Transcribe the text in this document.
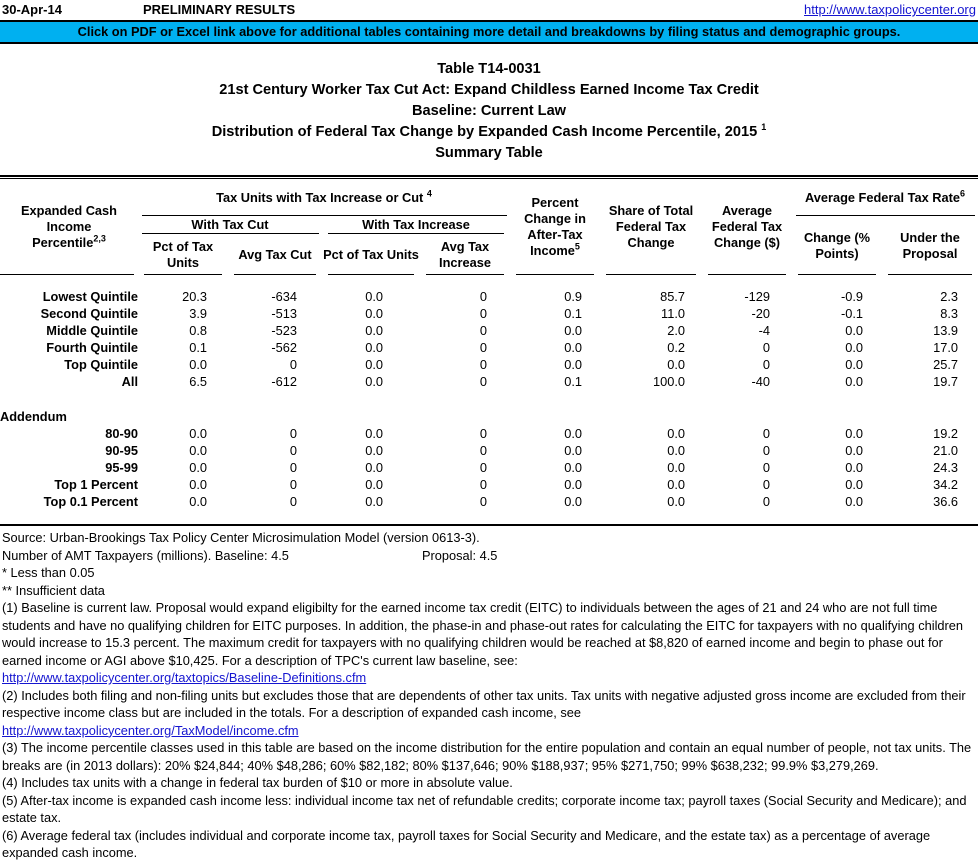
30-Apr-14	PRELIMINARY RESULTS	http://www.taxpolicycenter.org
Click on PDF or Excel link above for additional tables containing more detail and breakdowns by filing status and demographic groups.
Table T14-0031
21st Century Worker Tax Cut Act: Expand Childless Earned Income Tax Credit
Baseline: Current Law
Distribution of Federal Tax Change by Expanded Cash Income Percentile, 2015 $^1$
Summary Table
Expanded Cash Income
Percentile$^{2,3}$	Tax Units with Tax Increase or Cut $^4$				Percent Change in After-Tax Income$^5$	Share of Total Federal Tax Change	Average Federal Tax Change ($)	Average Federal Tax Rate$^6$
	With Tax Cut		With Tax Increase					Change (% Points)	Under the Proposal
	Pct of Tax Units	Avg Tax Cut	Pct of Tax Units	Avg Tax Increase					

Lowest Quintile	20.3	-634	0.0	0	0.9	85.7	-129	-0.9	2.3
Second Quintile	3.9	-513	0.0	0	0.1	11.0	-20	-0.1	8.3
Middle Quintile	0.8	-523	0.0	0	0.0	2.0	-4	0.0	13.9
Fourth Quintile	0.1	-562	0.0	0	0.0	0.2	0	0.0	17.0
Top Quintile	0.0	0	0.0	0	0.0	0.0	0	0.0	25.7
All	6.5	-612	0.0	0	0.1	100.0	-40	0.0	19.7

Addendum									
80-90	0.0	0	0.0	0	0.0	0.0	0	0.0	19.2
90-95	0.0	0	0.0	0	0.0	0.0	0	0.0	21.0
95-99	0.0	0	0.0	0	0.0	0.0	0	0.0	24.3
Top 1 Percent	0.0	0	0.0	0	0.0	0.0	0	0.0	34.2
Top 0.1 Percent	0.0	0	0.0	0	0.0	0.0	0	0.0	36.6

Source: Urban-Brookings Tax Policy Center Microsimulation Model (version 0613-3).
Number of AMT Taxpayers (millions). Baseline: 4.5	Proposal: 4.5
* Less than 0.05
** Insufficient data
(1) Baseline is current law. Proposal would expand eligibilty for the earned income tax credit (EITC) to individuals between the ages of 21 and 24 who are not full time students and have no qualifying children for EITC purposes. In addition, the phase-in and phase-out rates for calculating the EITC for taxpayers with no qualifying children would increase to 15.3 percent. The maximum credit for taxpayers with no qualifying children would be reached at $8,820 of earned income and begin to phase out for earned income or AGI above $10,425. For a description of TPC's current law baseline, see:
http://www.taxpolicycenter.org/taxtopics/Baseline-Definitions.cfm
(2) Includes both filing and non-filing units but excludes those that are dependents of other tax units. Tax units with negative adjusted gross income are excluded from their respective income class but are included in the totals. For a description of expanded cash income, see
http://www.taxpolicycenter.org/TaxModel/income.cfm
(3) The income percentile classes used in this table are based on the income distribution for the entire population and contain an equal number of people, not tax units. The breaks are (in 2013 dollars): 20% $24,844; 40% $48,286; 60% $82,182; 80% $137,646; 90% $188,937; 95% $271,750; 99% $638,232; 99.9% $3,279,269.
(4) Includes tax units with a change in federal tax burden of $10 or more in absolute value.
(5) After-tax income is expanded cash income less: individual income tax net of refundable credits; corporate income tax; payroll taxes (Social Security and Medicare); and estate tax.
(6) Average federal tax (includes individual and corporate income tax, payroll taxes for Social Security and Medicare, and the estate tax) as a percentage of average expanded cash income.
